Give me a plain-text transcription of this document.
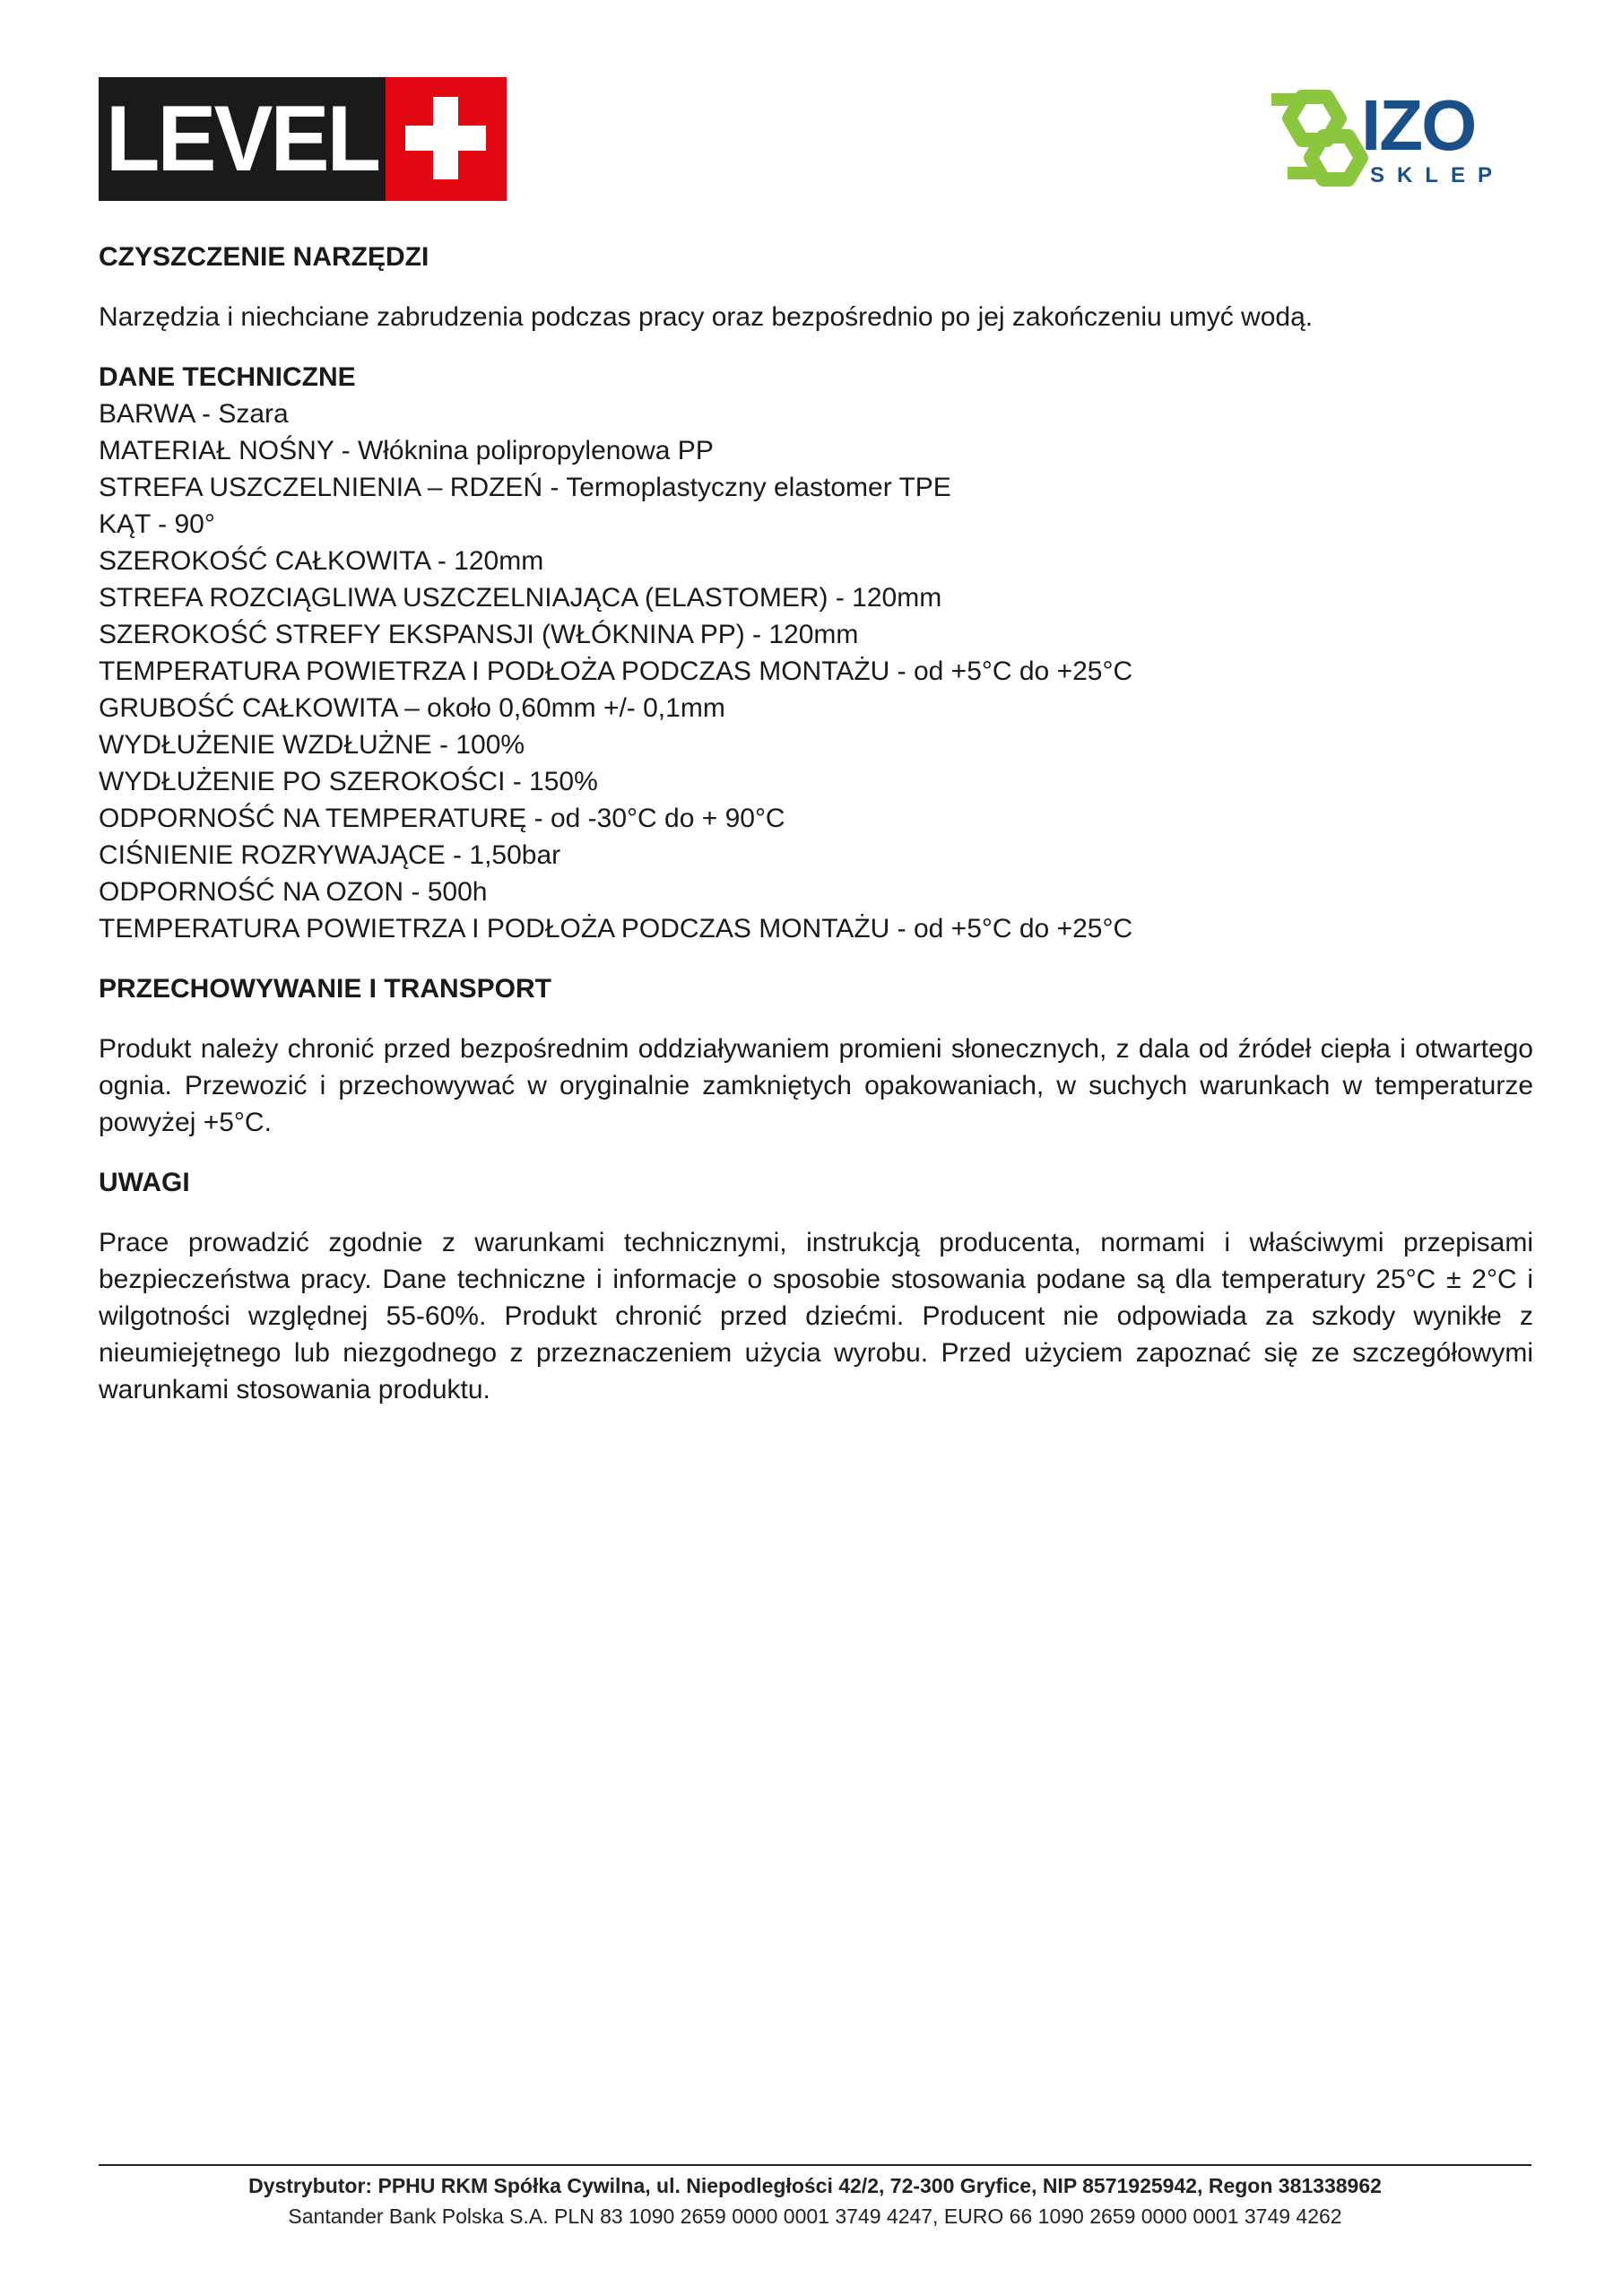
LEVEL	IZO
SKLEP

CZYSZCZENIE NARZĘDZI

Narzędzia i niechciane zabrudzenia podczas pracy oraz bezpośrednio po jej zakończeniu umyć wodą.

DANE TECHNICZNE

BARWA - Szara
MATERIAŁ NOŚNY - Włóknina polipropylenowa PP
STREFA USZCZELNIENIA – RDZEŃ - Termoplastyczny elastomer TPE
KĄT - 90°
SZEROKOŚĆ CAŁKOWITA - 120mm
STREFA ROZCIĄGLIWA USZCZELNIAJĄCA (ELASTOMER) - 120mm
SZEROKOŚĆ STREFY EKSPANSJI (WŁÓKNINA PP) - 120mm
TEMPERATURA POWIETRZA I PODŁOŻA PODCZAS MONTAŻU - od +5°C do +25°C
GRUBOŚĆ CAŁKOWITA – około 0,60mm +/- 0,1mm
WYDŁUŻENIE WZDŁUŻNE - 100%
WYDŁUŻENIE PO SZEROKOŚCI - 150%
ODPORNOŚĆ NA TEMPERATURĘ - od -30°C do + 90°C
CIŚNIENIE ROZRYWAJĄCE - 1,50bar
ODPORNOŚĆ NA OZON - 500h
TEMPERATURA POWIETRZA I PODŁOŻA PODCZAS MONTAŻU - od +5°C do +25°C

PRZECHOWYWANIE I TRANSPORT

Produkt należy chronić przed bezpośrednim oddziaływaniem promieni słonecznych, z dala od źródeł ciepła i otwartego ognia. Przewozić i przechowywać w oryginalnie zamkniętych opakowaniach, w suchych warunkach w temperaturze powyżej +5°C.

UWAGI

Prace prowadzić zgodnie z warunkami technicznymi, instrukcją producenta, normami i właściwymi przepisami bezpieczeństwa pracy. Dane techniczne i informacje o sposobie stosowania podane są dla temperatury 25°C ± 2°C i wilgotności względnej 55-60%. Produkt chronić przed dziećmi. Producent nie odpowiada za szkody wynikłe z nieumiejętnego lub niezgodnego z przeznaczeniem użycia wyrobu. Przed użyciem zapoznać się ze szczegółowymi warunkami stosowania produktu.

Dystrybutor: PPHU RKM Spółka Cywilna, ul. Niepodległości 42/2, 72-300 Gryfice, NIP 8571925942, Regon 381338962
Santander Bank Polska S.A. PLN 83 1090 2659 0000 0001 3749 4247, EURO 66 1090 2659 0000 0001 3749 4262
